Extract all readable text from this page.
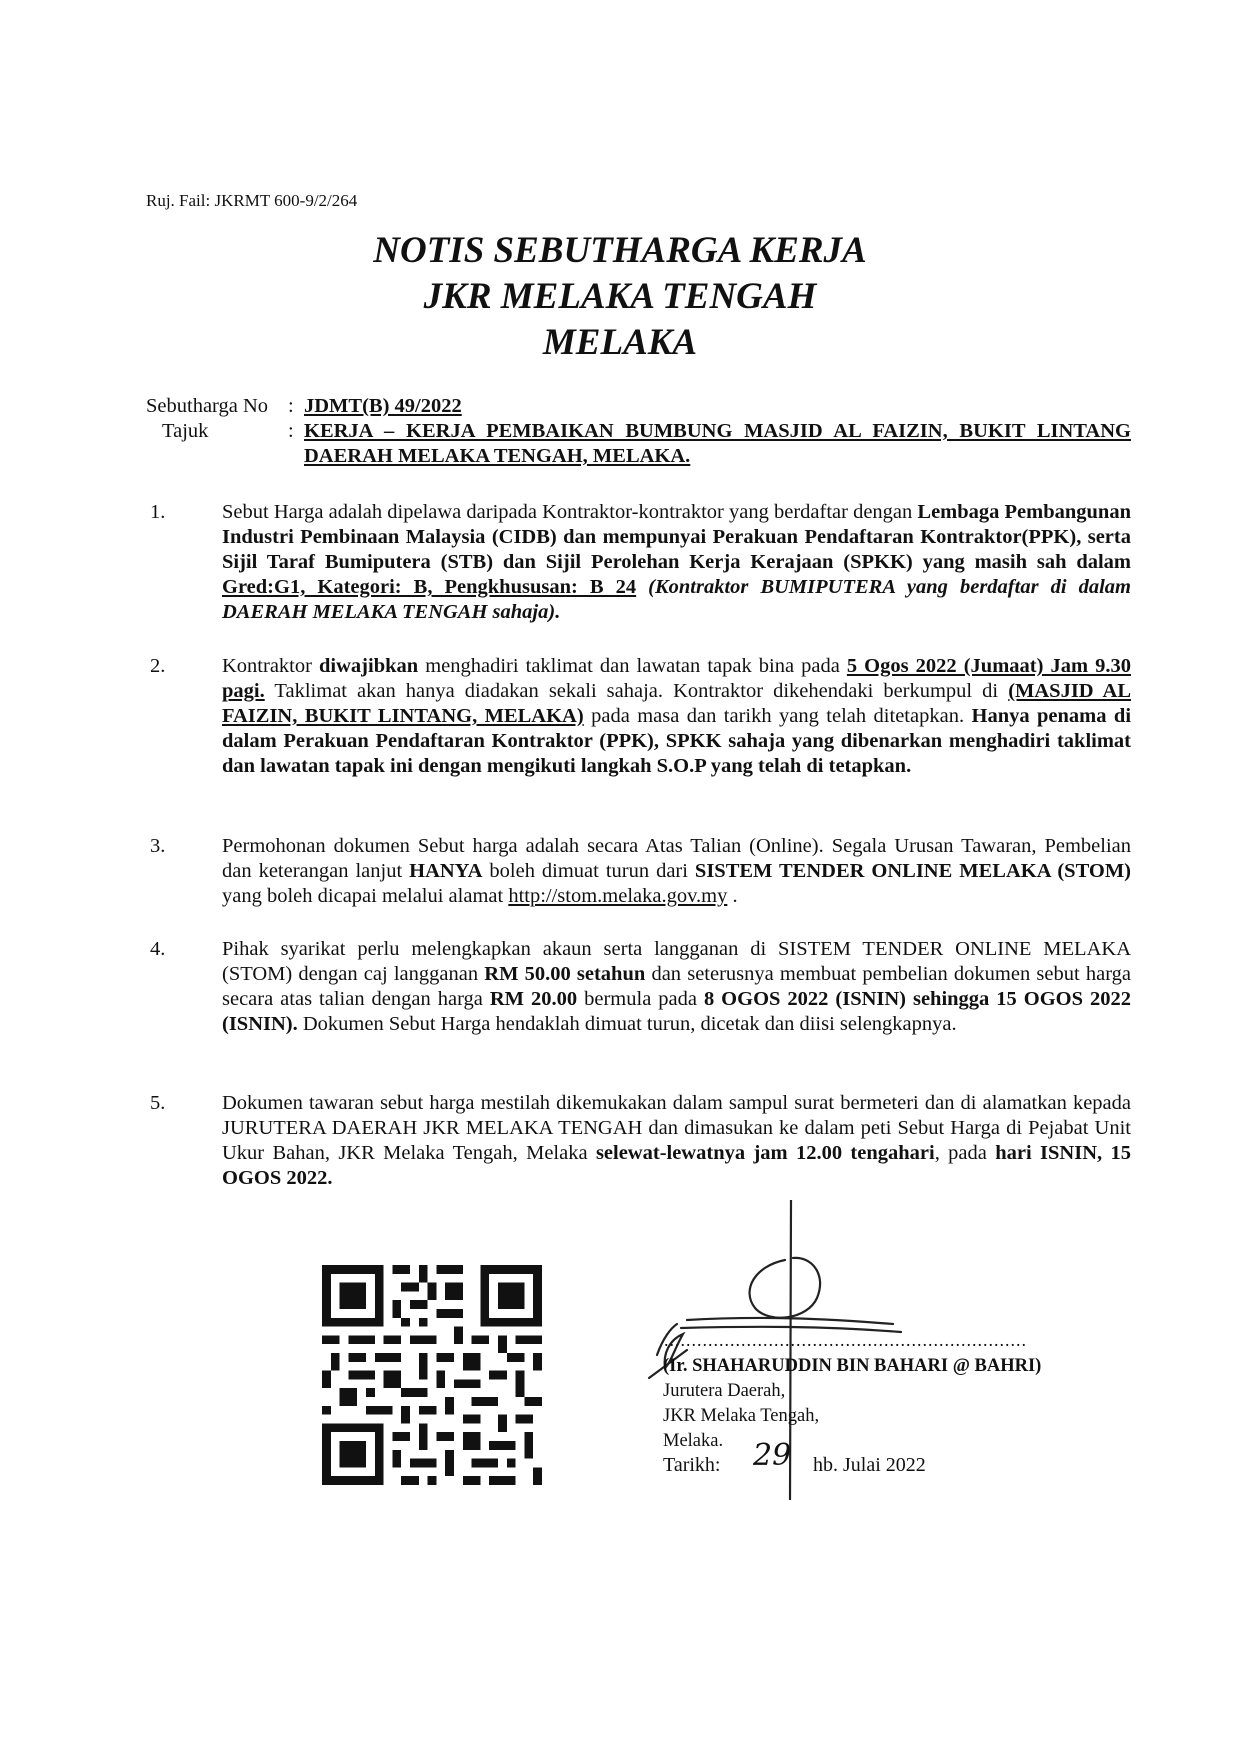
Ruj. Fail: JKRMT 600-9/2/264
NOTIS SEBUTHARGA KERJA
JKR MELAKA TENGAH
MELAKA
Sebutharga No : JDMT(B) 49/2022
Tajuk	: KERJA – KERJA PEMBAIKAN BUMBUNG MASJID AL FAIZIN, BUKIT LINTANG DAERAH MELAKA TENGAH, MELAKA.
1.	Sebut Harga adalah dipelawa daripada Kontraktor-kontraktor yang berdaftar dengan Lembaga Pembangunan Industri Pembinaan Malaysia (CIDB) dan mempunyai Perakuan Pendaftaran Kontraktor(PPK), serta Sijil Taraf Bumiputera (STB) dan Sijil Perolehan Kerja Kerajaan (SPKK) yang masih sah dalam Gred:G1, Kategori: B, Pengkhususan: B 24 (Kontraktor BUMIPUTERA yang berdaftar di dalam DAERAH MELAKA TENGAH sahaja).
2.	Kontraktor diwajibkan menghadiri taklimat dan lawatan tapak bina pada 5 Ogos 2022 (Jumaat) Jam 9.30 pagi. Taklimat akan hanya diadakan sekali sahaja. Kontraktor dikehendaki berkumpul di (MASJID AL FAIZIN, BUKIT LINTANG, MELAKA) pada masa dan tarikh yang telah ditetapkan. Hanya penama di dalam Perakuan Pendaftaran Kontraktor (PPK), SPKK sahaja yang dibenarkan menghadiri taklimat dan lawatan tapak ini dengan mengikuti langkah S.O.P yang telah di tetapkan.
3.	Permohonan dokumen Sebut harga adalah secara Atas Talian (Online). Segala Urusan Tawaran, Pembelian dan keterangan lanjut HANYA boleh dimuat turun dari SISTEM TENDER ONLINE MELAKA (STOM) yang boleh dicapai melalui alamat http://stom.melaka.gov.my .
4.	Pihak syarikat perlu melengkapkan akaun serta langganan di SISTEM TENDER ONLINE MELAKA (STOM) dengan caj langganan RM 50.00 setahun dan seterusnya membuat pembelian dokumen sebut harga secara atas talian dengan harga RM 20.00 bermula pada 8 OGOS 2022 (ISNIN) sehingga 15 OGOS 2022 (ISNIN). Dokumen Sebut Harga hendaklah dimuat turun, dicetak dan diisi selengkapnya.
5.	Dokumen tawaran sebut harga mestilah dikemukakan dalam sampul surat bermeteri dan di alamatkan kepada JURUTERA DAERAH JKR MELAKA TENGAH dan dimasukan ke dalam peti Sebut Harga di Pejabat Unit Ukur Bahan, JKR Melaka Tengah, Melaka selewat-lewatnya jam 12.00 tengahari, pada hari ISNIN, 15 OGOS 2022.
..................................................................
(Ir. SHAHARUDDIN BIN BAHARI @ BAHRI)
Jurutera Daerah,
JKR Melaka Tengah,
Melaka.
Tarikh: 29 hb. Julai 2022
